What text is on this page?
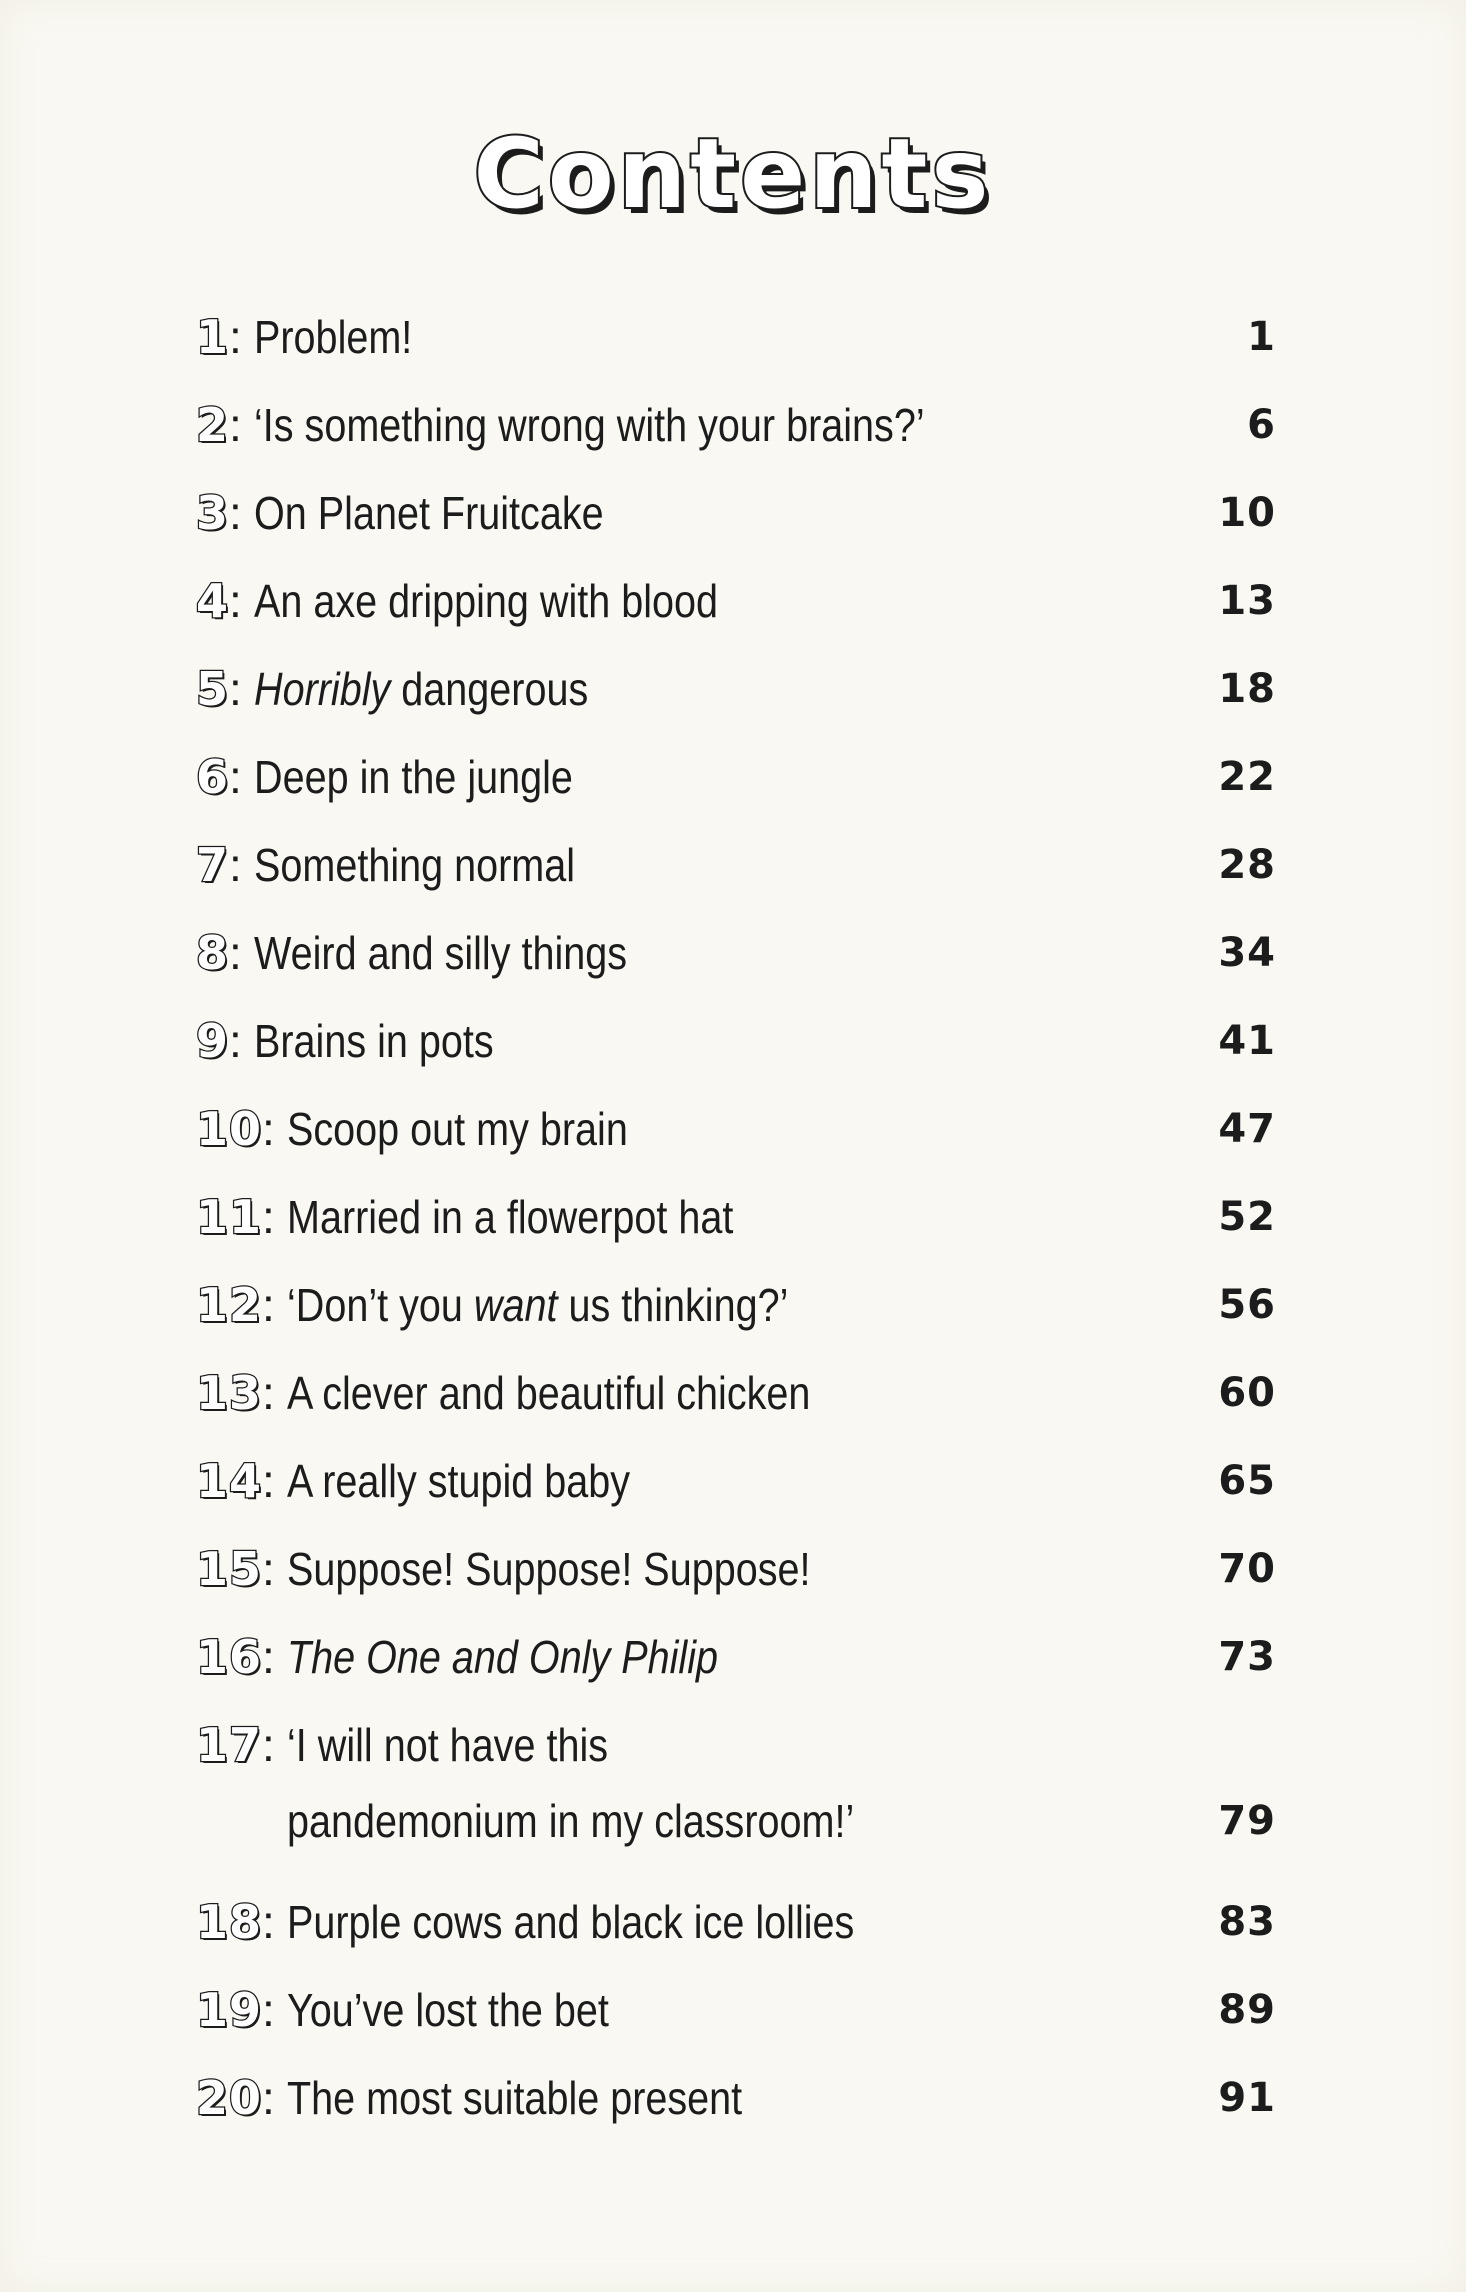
Contents
1 : Problem!	1
2 : ‘Is something wrong with your brains?’	6
3 : On Planet Fruitcake	10
4 : An axe dripping with blood	13
5 : Horribly dangerous	18
6 : Deep in the jungle	22
7 : Something normal	28
8 : Weird and silly things	34
9 : Brains in pots	41
10 : Scoop out my brain	47
11 : Married in a flowerpot hat	52
12 : ‘Don’t you want us thinking?’	56
13 : A clever and beautiful chicken	60
14 : A really stupid baby	65
15 : Suppose! Suppose! Suppose!	70
16 : The One and Only Philip	73
17 : ‘I will not have this
pandemonium in my classroom!’	79
18 : Purple cows and black ice lollies	83
19 : You’ve lost the bet	89
20 : The most suitable present	91
